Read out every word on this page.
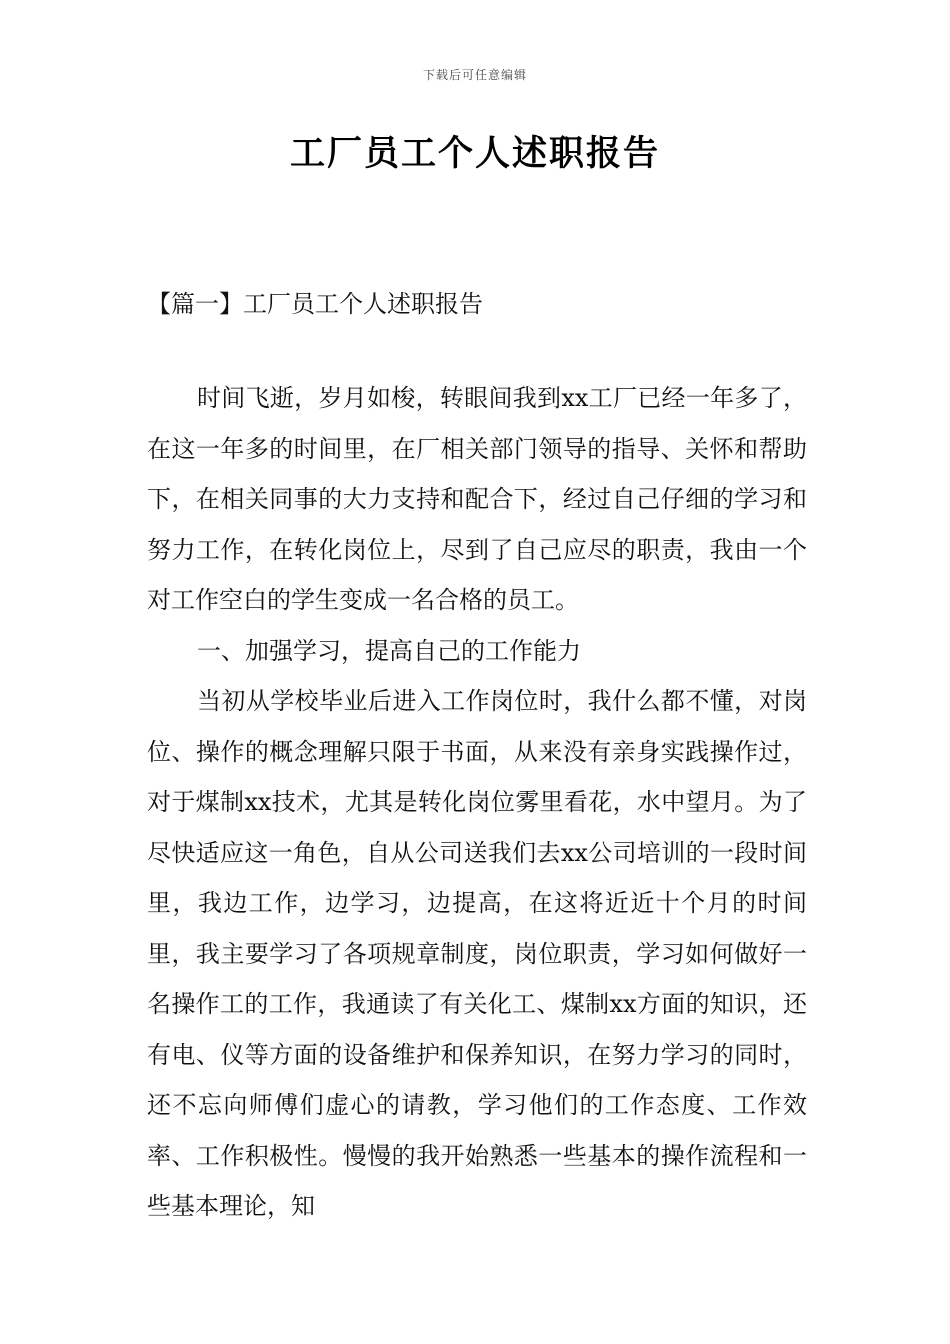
下载后可任意编辑
工厂员工个人述职报告
【篇一】工厂员工个人述职报告

时间飞逝，岁月如梭，转眼间我到xx工厂已经一年多了，在这一年多的时间里，在厂相关部门领导的指导、关怀和帮助下，在相关同事的大力支持和配合下，经过自己仔细的学习和努力工作，在转化岗位上，尽到了自己应尽的职责，我由一个对工作空白的学生变成一名合格的员工。

一、加强学习，提高自己的工作能力

当初从学校毕业后进入工作岗位时，我什么都不懂，对岗位、操作的概念理解只限于书面，从来没有亲身实践操作过，对于煤制xx技术，尤其是转化岗位雾里看花，水中望月。为了尽快适应这一角色，自从公司送我们去xx公司培训的一段时间里，我边工作，边学习，边提高，在这将近近十个月的时间里，我主要学习了各项规章制度，岗位职责，学习如何做好一名操作工的工作，我通读了有关化工、煤制xx方面的知识，还有电、仪等方面的设备维护和保养知识，在努力学习的同时，还不忘向师傅们虚心的请教，学习他们的工作态度、工作效率、工作积极性。慢慢的我开始熟悉一些基本的操作流程和一些基本理论，知
